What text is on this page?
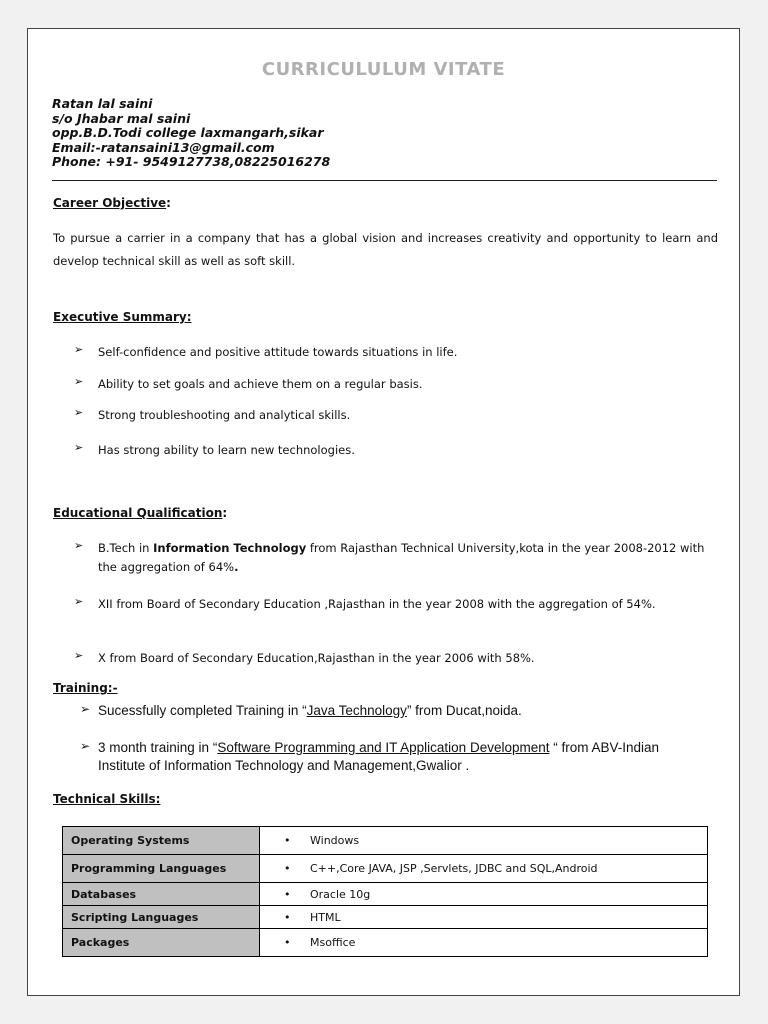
CURRICULULUM VITATE
Ratan lal saini
s/o Jhabar mal saini
opp.B.D.Todi college laxmangarh,sikar
Email:-ratansaini13@gmail.com
Phone: +91- 9549127738,08225016278
Career Objective:
To pursue a carrier in a company that has a global vision and increases creativity and opportunity to learn and develop technical skill as well as soft skill.
Executive Summary:
➢ Self-confidence and positive attitude towards situations in life.
➢ Ability to set goals and achieve them on a regular basis.
➢ Strong troubleshooting and analytical skills.
➢ Has strong ability to learn new technologies.
Educational Qualification:
➢ B.Tech in Information Technology from Rajasthan Technical University,kota in the year 2008-2012 with the aggregation of 64%.
➢ XII from Board of Secondary Education ,Rajasthan in the year 2008 with the aggregation of 54%.
➢ X from Board of Secondary Education,Rajasthan in the year 2006 with 58%.
Training:-
➢ Sucessfully completed Training in “Java Technology” from Ducat,noida.
➢ 3 month training in “Software Programming and IT Application Development “ from ABV-Indian Institute of Information Technology and Management,Gwalior .
Technical Skills:
Operating Systems	• Windows
Programming Languages	• C++,Core JAVA, JSP ,Servlets, JDBC and SQL,Android
Databases	• Oracle 10g
Scripting Languages	• HTML
Packages	• Msoffice
